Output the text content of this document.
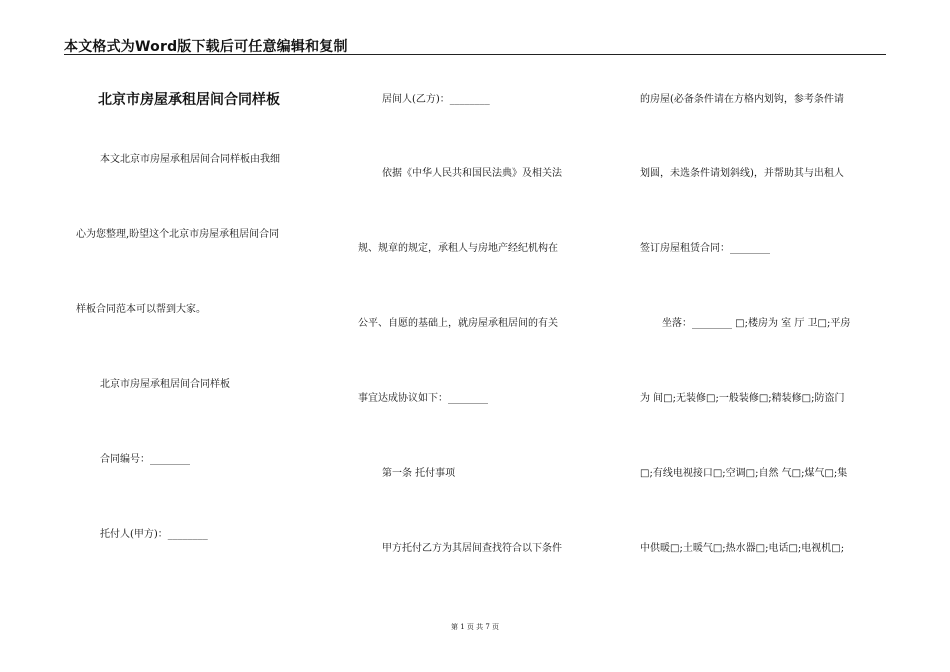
本文格式为Word版下载后可任意编辑和复制
北京市房屋承租居间合同样板
本文北京市房屋承租居间合同样板由我细
心为您整理,盼望这个北京市房屋承租居间合同
样板合同范本可以帮到大家。
北京市房屋承租居间合同样板
合同编号：________
托付人(甲方)：________
居间人(乙方)：________
依据《中华人民共和国民法典》及相关法
规、规章的规定，承租人与房地产经纪机构在
公平、自愿的基础上，就房屋承租居间的有关
事宜达成协议如下：________
第一条 托付事项
甲方托付乙方为其居间查找符合以下条件
的房屋(必备条件请在方格内划钩，参考条件请
划圆，未选条件请划斜线)，并帮助其与出租人
签订房屋租赁合同：________
坐落：________ □;楼房为 室 厅 卫□;平房
为 间□;无装修□;一般装修□;精装修□;防盗门
□;有线电视接口□;空调□;自然 气□;煤气□;集
中供暖□;土暖气□;热水器□;电话□;电视机□;
第 1 页 共 7 页
